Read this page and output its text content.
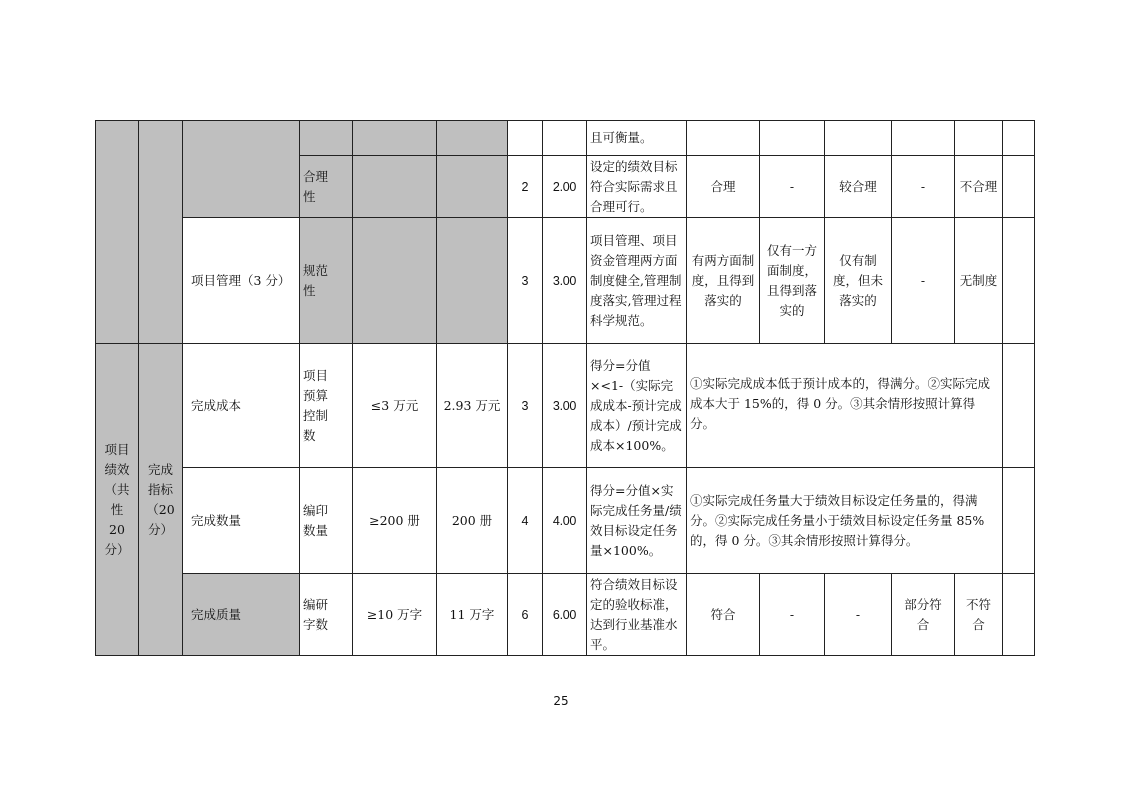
								且可衡量。						

			合理性			2	2.00	设定的绩效目标符合实际需求且合理可行。	合理	-	较合理	-	不合理	
		项目管理（3 分）	规范性			3	3.00	项目管理、项目资金管理两方面制度健全,管理制度落实,管理过程科学规范。	有两方面制度，且得到落实的	仅有一方面制度，且得到落实的	仅有制度，但未落实的	-	无制度	

项目绩效（共性 20 分）	完成指标（20 分）	完成成本	项目预算控制数	≤3 万元	2.93 万元	3	3.00	得分=分值×<1-（实际完成成本-预计完成成本）/预计完成成本×100%。	①实际完成成本低于预计成本的，得满分。②实际完成成本大于 15%的，得 0 分。③其余情形按照计算得分。					
		完成数量	编印数量	≥200 册	200 册	4	4.00	得分=分值×实际完成任务量/绩效目标设定任务量×100%。	①实际完成任务量大于绩效目标设定任务量的，得满分。②实际完成任务量小于绩效目标设定任务量 85%的，得 0 分。③其余情形按照计算得分。					
		完成质量	编研字数	≥10 万字	11 万字	6	6.00	符合绩效目标设定的验收标准，达到行业基准水平。	符合	-	-	部分符合	不符合	

25
